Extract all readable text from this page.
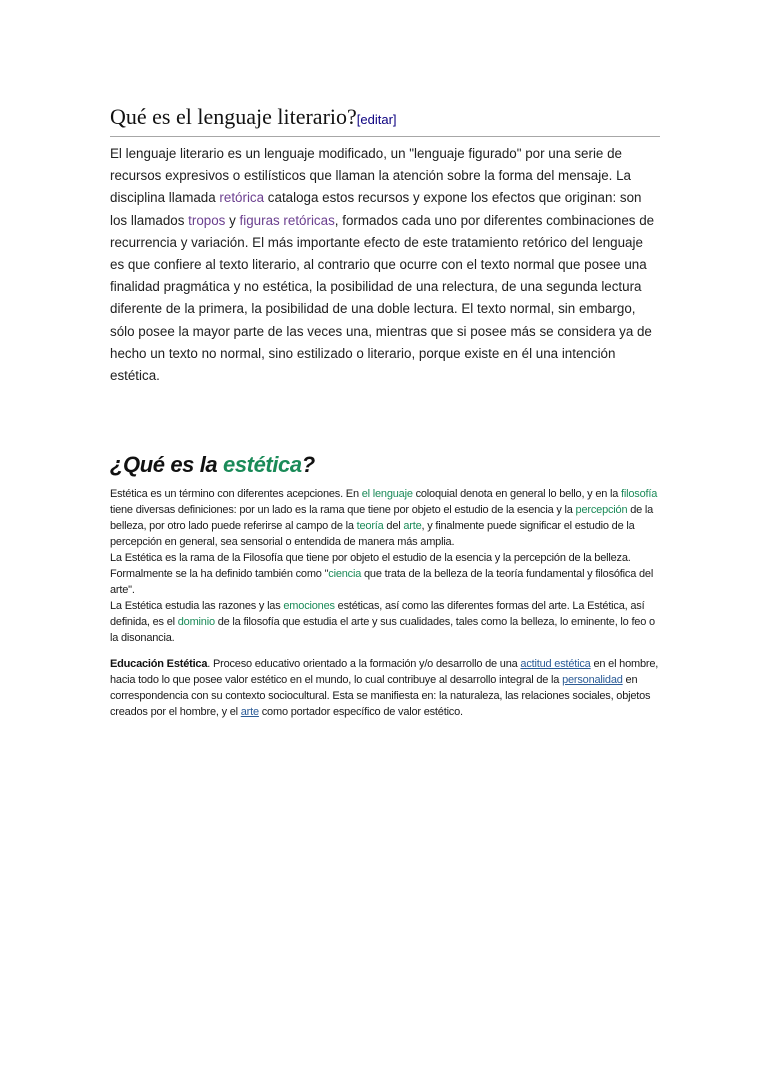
Qué es el lenguaje literario?[editar]

El lenguaje literario es un lenguaje modificado, un "lenguaje figurado" por una serie de recursos expresivos o estilísticos que llaman la atención sobre la forma del mensaje. La disciplina llamada retórica cataloga estos recursos y expone los efectos que originan: son los llamados tropos y figuras retóricas, formados cada uno por diferentes combinaciones de recurrencia y variación. El más importante efecto de este tratamiento retórico del lenguaje es que confiere al texto literario, al contrario que ocurre con el texto normal que posee una finalidad pragmática y no estética, la posibilidad de una relectura, de una segunda lectura diferente de la primera, la posibilidad de una doble lectura. El texto normal, sin embargo, sólo posee la mayor parte de las veces una, mientras que si posee más se considera ya de hecho un texto no normal, sino estilizado o literario, porque existe en él una intención estética.

¿Qué es la estética?

Estética es un término con diferentes acepciones. En el lenguaje coloquial denota en general lo bello, y en la filosofía tiene diversas definiciones: por un lado es la rama que tiene por objeto el estudio de la esencia y la percepción de la belleza, por otro lado puede referirse al campo de la teoría del arte, y finalmente puede significar el estudio de la percepción en general, sea sensorial o entendida de manera más amplia.
La Estética es la rama de la Filosofía que tiene por objeto el estudio de la esencia y la percepción de la belleza. Formalmente se la ha definido también como "ciencia que trata de la belleza de la teoría fundamental y filosófica del arte".
La Estética estudia las razones y las emociones estéticas, así como las diferentes formas del arte. La Estética, así definida, es el dominio de la filosofía que estudia el arte y sus cualidades, tales como la belleza, lo eminente, lo feo o la disonancia.

Educación Estética. Proceso educativo orientado a la formación y/o desarrollo de una actitud estética en el hombre, hacia todo lo que posee valor estético en el mundo, lo cual contribuye al desarrollo integral de la personalidad en correspondencia con su contexto sociocultural. Esta se manifiesta en: la naturaleza, las relaciones sociales, objetos creados por el hombre, y el arte como portador específico de valor estético.
